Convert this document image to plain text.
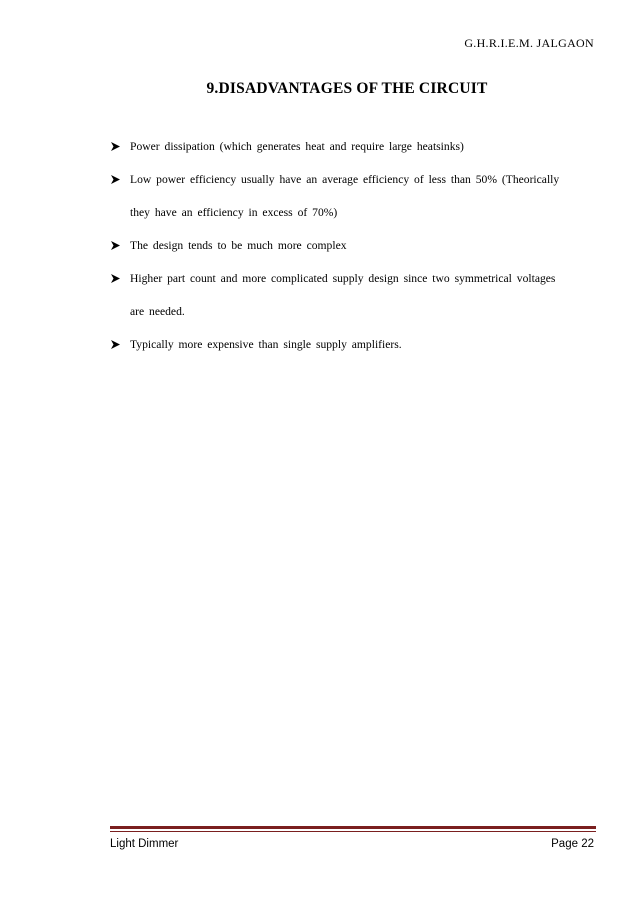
G.H.R.I.E.M. JALGAON
9.DISADVANTAGES OF THE CIRCUIT
Power dissipation (which generates heat and require large heatsinks)
Low power efficiency usually have an average efficiency of less than 50% (Theorically
they have an efficiency in excess of 70%)
The design tends to be much more complex
Higher part count and more complicated supply design since two symmetrical voltages
are needed.
Typically more expensive than single supply amplifiers.
Light Dimmer	Page 22
